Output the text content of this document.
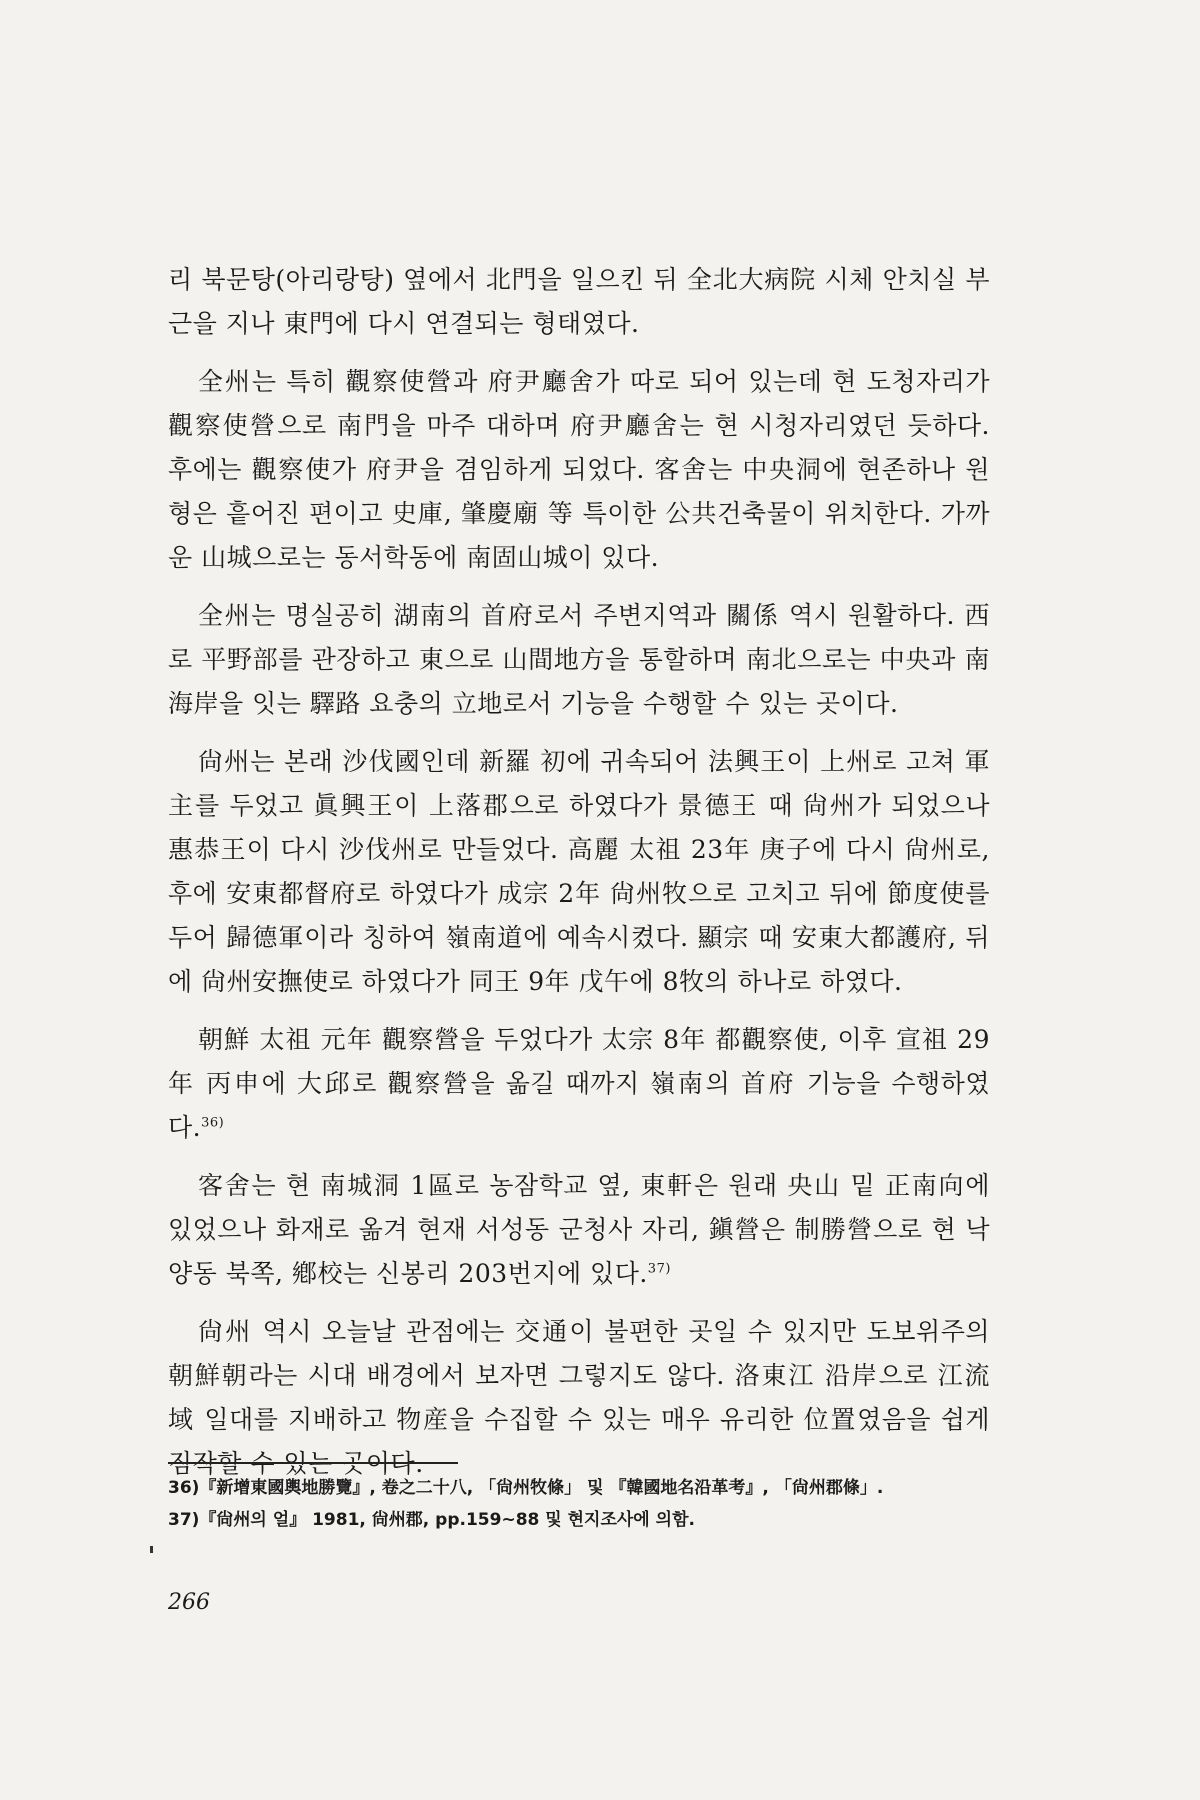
리 북문탕(아리랑탕) 옆에서 北門을 일으킨 뒤 全北大病院 시체 안치실 부근을 지나 東門에 다시 연결되는 형태였다.

全州는 특히 觀察使營과 府尹廳舍가 따로 되어 있는데 현 도청자리가 觀察使營으로 南門을 마주 대하며 府尹廳舍는 현 시청자리였던 듯하다. 후에는 觀察使가 府尹을 겸임하게 되었다. 客舍는 中央洞에 현존하나 원형은 흩어진 편이고 史庫, 肇慶廟 等 특이한 公共건축물이 위치한다. 가까운 山城으로는 동서학동에 南固山城이 있다.

全州는 명실공히 湖南의 首府로서 주변지역과 關係 역시 원활하다. 西로 平野部를 관장하고 東으로 山間地方을 통할하며 南北으로는 中央과 南海岸을 잇는 驛路 요충의 立地로서 기능을 수행할 수 있는 곳이다.

尙州는 본래 沙伐國인데 新羅 初에 귀속되어 法興王이 上州로 고쳐 軍主를 두었고 眞興王이 上落郡으로 하였다가 景德王 때 尙州가 되었으나 惠恭王이 다시 沙伐州로 만들었다. 高麗 太祖 23年 庚子에 다시 尙州로, 후에 安東都督府로 하였다가 成宗 2年 尙州牧으로 고치고 뒤에 節度使를 두어 歸德軍이라 칭하여 嶺南道에 예속시켰다. 顯宗 때 安東大都護府, 뒤에 尙州安撫使로 하였다가 同王 9年 戊午에 8牧의 하나로 하였다.

朝鮮 太祖 元年 觀察營을 두었다가 太宗 8年 都觀察使, 이후 宣祖 29年 丙申에 大邱로 觀察營을 옮길 때까지 嶺南의 首府 기능을 수행하였다.$^{36)}$

客舍는 현 南城洞 1區로 농잠학교 옆, 東軒은 원래 央山 밑 正南向에 있었으나 화재로 옮겨 현재 서성동 군청사 자리, 鎭營은 制勝營으로 현 낙양동 북쪽, 鄕校는 신봉리 203번지에 있다.$^{37)}$

尙州 역시 오늘날 관점에는 交通이 불편한 곳일 수 있지만 도보위주의 朝鮮朝라는 시대 배경에서 보자면 그렇지도 않다. 洛東江 沿岸으로 江流域 일대를 지배하고 物産을 수집할 수 있는 매우 유리한 位置였음을 쉽게 짐작할 수 있는 곳이다.

36)『新增東國輿地勝覽』, 卷之二十八, 「尙州牧條」 및 『韓國地名沿革考』, 「尙州郡條」.

37)『尙州의 얼』 1981, 尙州郡, pp.159~88 및 현지조사에 의함.

266
